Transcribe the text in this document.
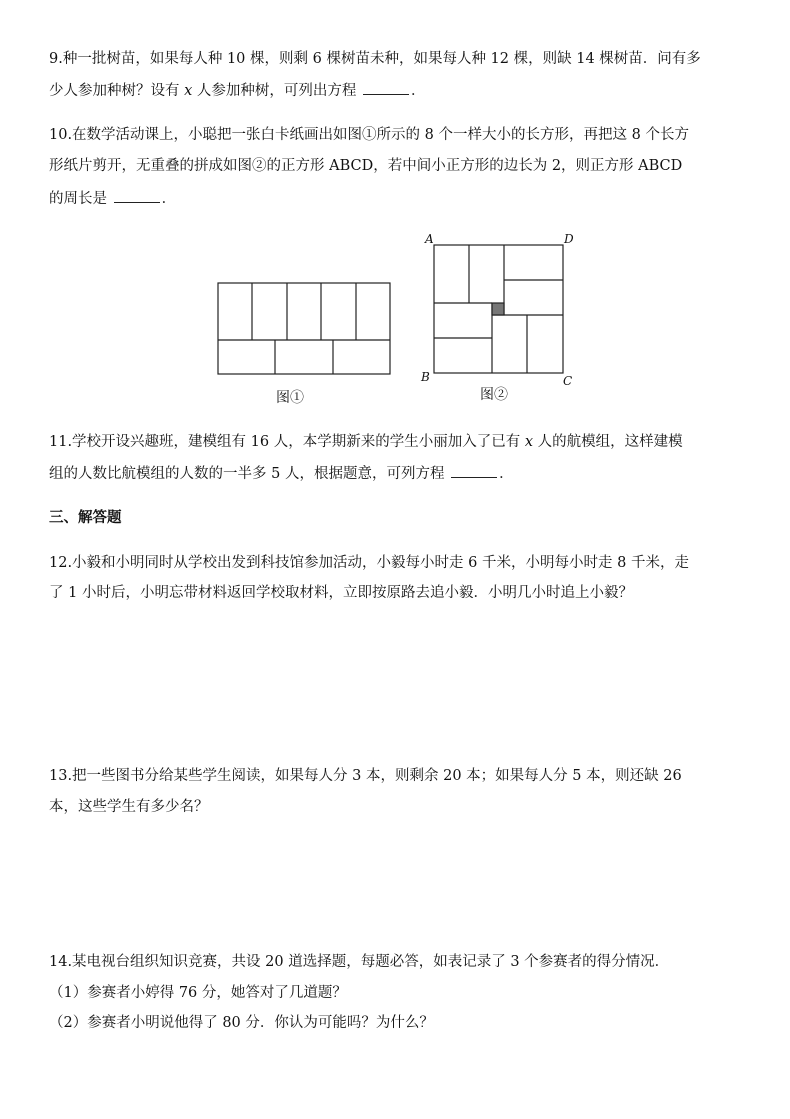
9.种一批树苗，如果每人种 10 棵，则剩 6 棵树苗未种，如果每人种 12 棵，则缺 14 棵树苗．问有多
少人参加种树？设有 x 人参加种树，可列出方程	．
10.在数学活动课上，小聪把一张白卡纸画出如图①所示的 8 个一样大小的长方形，再把这 8 个长方
形纸片剪开，无重叠的拼成如图②的正方形 ABCD，若中间小正方形的边长为 2，则正方形 ABCD
的周长是	．
图①
A	D
B	C
图②
11.学校开设兴趣班，建模组有 16 人，本学期新来的学生小丽加入了已有 x 人的航模组，这样建模
组的人数比航模组的人数的一半多 5 人，根据题意，可列方程	．
三、解答题
12.小毅和小明同时从学校出发到科技馆参加活动，小毅每小时走 6 千米，小明每小时走 8 千米，走
了 1 小时后，小明忘带材料返回学校取材料，立即按原路去追小毅．小明几小时追上小毅？
13.把一些图书分给某些学生阅读，如果每人分 3 本，则剩余 20 本；如果每人分 5 本，则还缺 26
本，这些学生有多少名？
14.某电视台组织知识竞赛，共设 20 道选择题，每题必答，如表记录了 3 个参赛者的得分情况．
（1）参赛者小婷得 76 分，她答对了几道题？
（2）参赛者小明说他得了 80 分．你认为可能吗？为什么？
